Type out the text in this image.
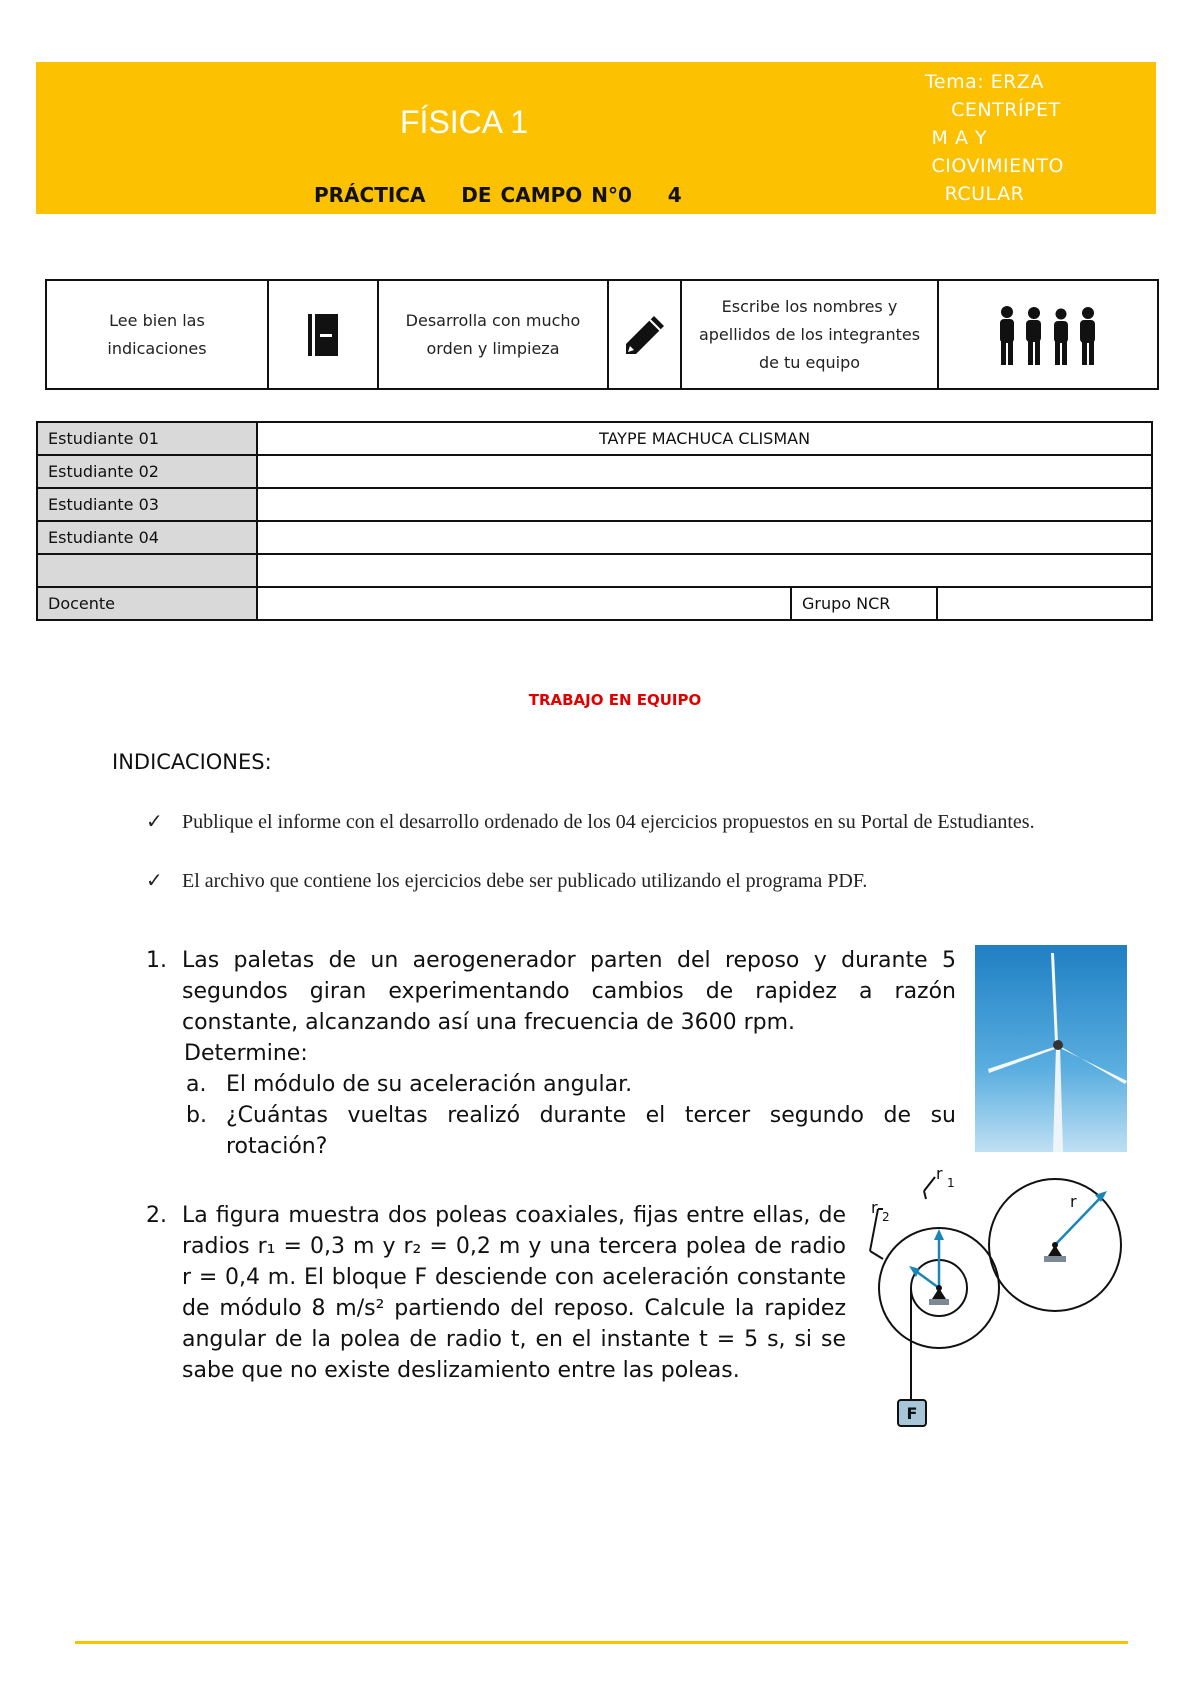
FÍSICA 1
PRÁCTICA    DE CAMPO N°0    4
Tema: ERZA
CENTRÍPET
M A Y
CIOVIMIENTO
RCULAR
Lee bien las indicaciones
Desarrolla con mucho orden y limpieza
Escribe los nombres y apellidos de los integrantes de tu equipo
Estudiante 01	TAYPE MACHUCA CLISMAN		
Estudiante 02			
Estudiante 03			
Estudiante 04			

Docente		Grupo NCR	
TRABAJO EN EQUIPO
INDICACIONES:
✓ Publique el informe con el desarrollo ordenado de los 04 ejercicios propuestos en su Portal de Estudiantes.
✓ El archivo que contiene los ejercicios debe ser publicado utilizando el programa PDF.
1. Las paletas de un aerogenerador parten del reposo y durante 5 segundos giran experimentando cambios de rapidez a razón constante, alcanzando así una frecuencia de 3600 rpm.
Determine:
a. El módulo de su aceleración angular.
b. ¿Cuántas vueltas realizó durante el tercer segundo de su rotación?
2. La figura muestra dos poleas coaxiales, fijas entre ellas, de radios r₁ = 0,3 m y r₂ = 0,2 m y una tercera polea de radio r = 0,4 m. El bloque F desciende con aceleración constante de módulo 8 m/s² partiendo del reposo. Calcule la rapidez angular de la polea de radio t, en el instante t = 5 s, si se sabe que no existe deslizamiento entre las poleas.
F
r 2
r 1
r
